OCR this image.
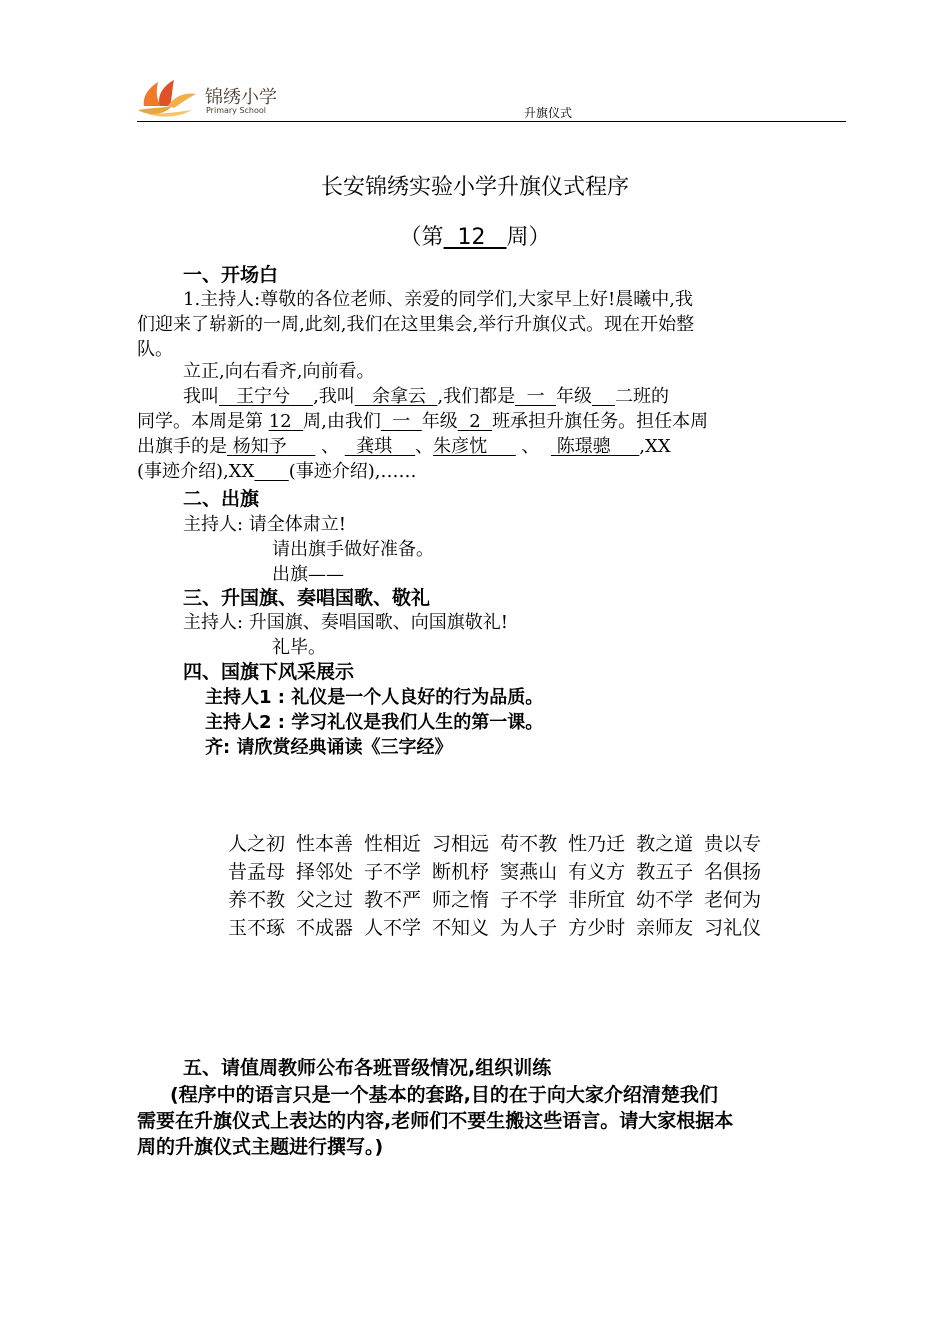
锦绣小学
Primary School	升旗仪式
长安锦绣实验小学升旗仪式程序
（第 12 周）
一、开场白
1.主持人:尊敬的各位老师、亲爱的同学们,大家早上好!晨曦中,我
们迎来了崭新的一周,此刻,我们在这里集会,举行升旗仪式。现在开始整
队。
立正,向右看齐,向前看。
我叫 王宁兮 ,我叫 余拿云 ,我们都是 一 年级 二班的
同学。本周是第 12 周,由我们 一 年级 2 班承担升旗任务。担任本周
出旗手的是 杨知予 、 龚琪 、朱彦忱 、 陈璟骢 ,XX
(事迹介绍),XX (事迹介绍),……
二、出旗
主持人: 请全体肃立!
请出旗手做好准备。
出旗——
三、升国旗、奏唱国歌、敬礼
主持人: 升国旗、奏唱国歌、向国旗敬礼!
礼毕。
四、国旗下风采展示
主持人1 : 礼仪是一个人良好的行为品质。
主持人2 : 学习礼仪是我们人生的第一课。
齐: 请欣赏经典诵读《三字经》
人之初 性本善 性相近 习相远 苟不教 性乃迁 教之道 贵以专
昔孟母 择邻处 子不学 断机杼 窦燕山 有义方 教五子 名俱扬
养不教 父之过 教不严 师之惰 子不学 非所宜 幼不学 老何为
玉不琢 不成器 人不学 不知义 为人子 方少时 亲师友 习礼仪
五、请值周教师公布各班晋级情况,组织训练
(程序中的语言只是一个基本的套路,目的在于向大家介绍清楚我们
需要在升旗仪式上表达的内容,老师们不要生搬这些语言。请大家根据本
周的升旗仪式主题进行撰写。)
